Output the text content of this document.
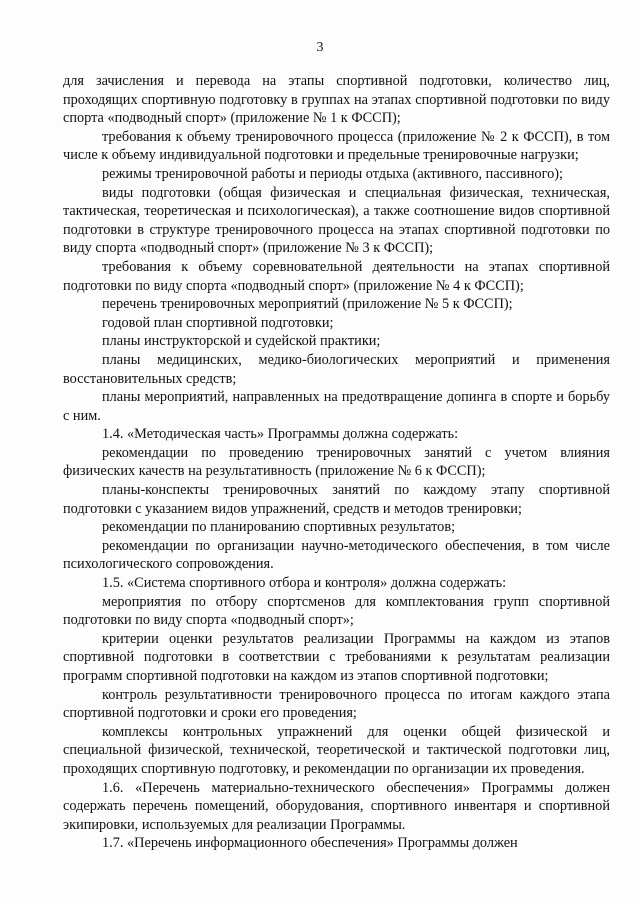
3

для зачисления и перевода на этапы спортивной подготовки, количество лиц, проходящих спортивную подготовку в группах на этапах спортивной подготовки по виду спорта «подводный спорт» (приложение № 1 к ФССП);

требования к объему тренировочного процесса (приложение № 2 к ФССП), в том числе к объему индивидуальной подготовки и предельные тренировочные нагрузки;

режимы тренировочной работы и периоды отдыха (активного, пассивного);

виды подготовки (общая физическая и специальная физическая, техническая, тактическая, теоретическая и психологическая), а также соотношение видов спортивной подготовки в структуре тренировочного процесса на этапах спортивной подготовки по виду спорта «подводный спорт» (приложение № 3 к ФССП);

требования к объему соревновательной деятельности на этапах спортивной подготовки по виду спорта «подводный спорт» (приложение № 4 к ФССП);

перечень тренировочных мероприятий (приложение № 5 к ФССП);

годовой план спортивной подготовки;

планы инструкторской и судейской практики;

планы медицинских, медико-биологических мероприятий и применения восстановительных средств;

планы мероприятий, направленных на предотвращение допинга в спорте и борьбу с ним.

1.4. «Методическая часть» Программы должна содержать:

рекомендации по проведению тренировочных занятий с учетом влияния физических качеств на результативность (приложение № 6 к ФССП);

планы-конспекты тренировочных занятий по каждому этапу спортивной подготовки с указанием видов упражнений, средств и методов тренировки;

рекомендации по планированию спортивных результатов;

рекомендации по организации научно-методического обеспечения, в том числе психологического сопровождения.

1.5. «Система спортивного отбора и контроля» должна содержать:

мероприятия по отбору спортсменов для комплектования групп спортивной подготовки по виду спорта «подводный спорт»;

критерии оценки результатов реализации Программы на каждом из этапов спортивной подготовки в соответствии с требованиями к результатам реализации программ спортивной подготовки на каждом из этапов спортивной подготовки;

контроль результативности тренировочного процесса по итогам каждого этапа спортивной подготовки и сроки его проведения;

комплексы контрольных упражнений для оценки общей физической и специальной физической, технической, теоретической и тактической подготовки лиц, проходящих спортивную подготовку, и рекомендации по организации их проведения.

1.6. «Перечень материально-технического обеспечения» Программы должен содержать перечень помещений, оборудования, спортивного инвентаря и спортивной экипировки, используемых для реализации Программы.

1.7. «Перечень информационного обеспечения» Программы должен
